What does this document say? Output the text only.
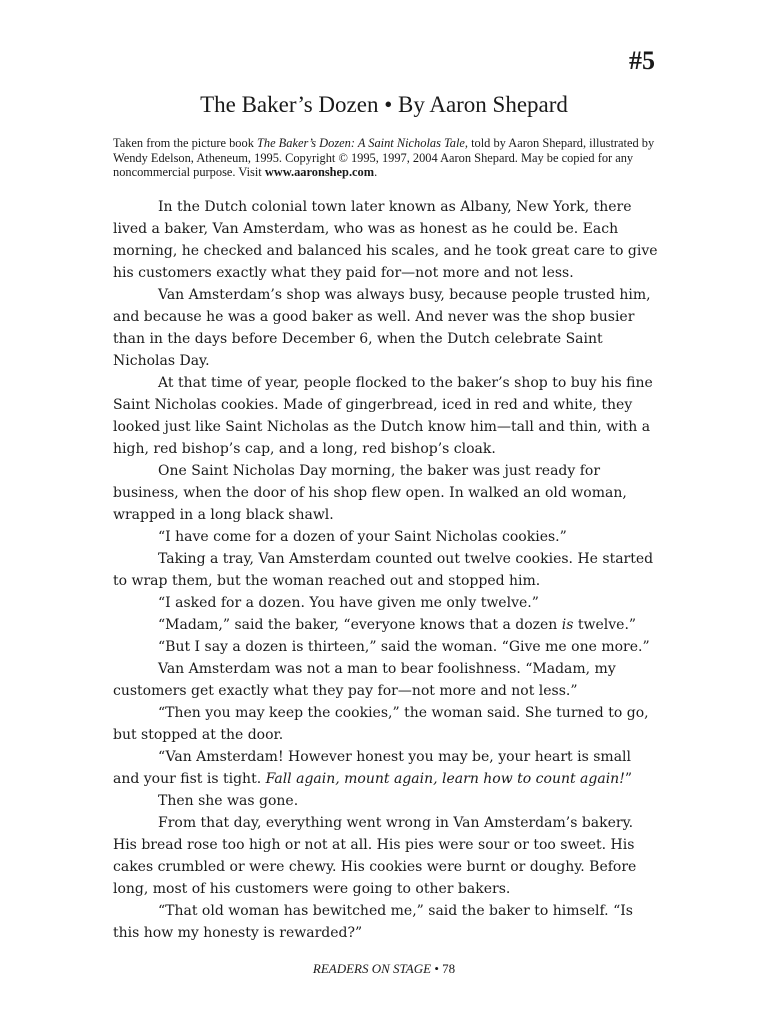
#5
The Baker’s Dozen • By Aaron Shepard

Taken from the picture book The Baker’s Dozen: A Saint Nicholas Tale, told by Aaron Shepard, illustrated by Wendy Edelson, Atheneum, 1995. Copyright © 1995, 1997, 2004 Aaron Shepard. May be copied for any noncommercial purpose. Visit www.aaronshep.com.

In the Dutch colonial town later known as Albany, New York, there lived a baker, Van Amsterdam, who was as honest as he could be. Each morning, he checked and balanced his scales, and he took great care to give his customers exactly what they paid for—not more and not less.

Van Amsterdam’s shop was always busy, because people trusted him, and because he was a good baker as well. And never was the shop busier than in the days before December 6, when the Dutch celebrate Saint Nicholas Day.

At that time of year, people flocked to the baker’s shop to buy his fine Saint Nicholas cookies. Made of gingerbread, iced in red and white, they looked just like Saint Nicholas as the Dutch know him—tall and thin, with a high, red bishop’s cap, and a long, red bishop’s cloak.

One Saint Nicholas Day morning, the baker was just ready for business, when the door of his shop flew open. In walked an old woman, wrapped in a long black shawl.

“I have come for a dozen of your Saint Nicholas cookies.”

Taking a tray, Van Amsterdam counted out twelve cookies. He started to wrap them, but the woman reached out and stopped him.

“I asked for a dozen. You have given me only twelve.”

“Madam,” said the baker, “everyone knows that a dozen is twelve.”

“But I say a dozen is thirteen,” said the woman. “Give me one more.”

Van Amsterdam was not a man to bear foolishness. “Madam, my customers get exactly what they pay for—not more and not less.”

“Then you may keep the cookies,” the woman said. She turned to go, but stopped at the door.

“Van Amsterdam! However honest you may be, your heart is small and your fist is tight. Fall again, mount again, learn how to count again!”

Then she was gone.

From that day, everything went wrong in Van Amsterdam’s bakery. His bread rose too high or not at all. His pies were sour or too sweet. His cakes crumbled or were chewy. His cookies were burnt or doughy. Before long, most of his customers were going to other bakers.

“That old woman has bewitched me,” said the baker to himself. “Is this how my honesty is rewarded?”

READERS ON STAGE • 78
